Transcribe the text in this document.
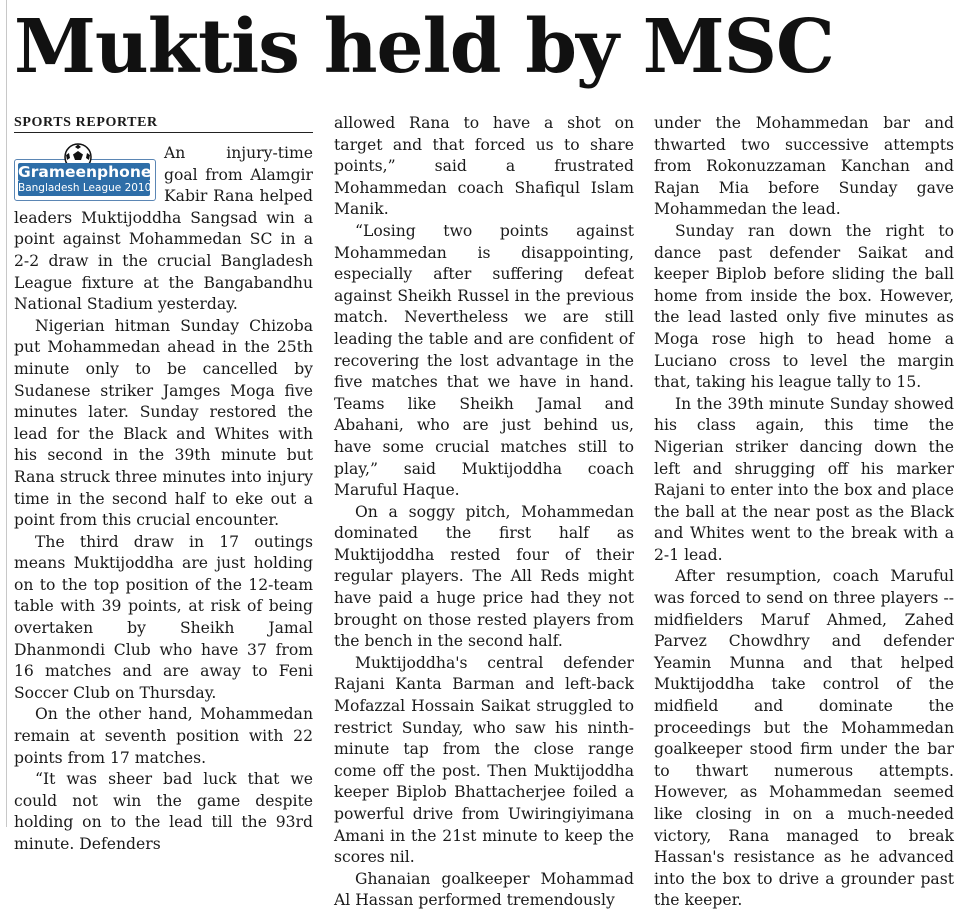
Muktis held by MSC
SPORTS REPORTER
Grameenphone
Bangladesh League 2010

An injury-time goal from Alamgir Kabir Rana helped leaders Muktijoddha Sangsad win a point against Mohammedan SC in a 2-2 draw in the crucial Bangladesh League fixture at the Bangabandhu National Stadium yesterday.

Nigerian hitman Sunday Chizoba put Mohammedan ahead in the 25th minute only to be cancelled by Sudanese striker Jamges Moga five minutes later. Sunday restored the lead for the Black and Whites with his second in the 39th minute but Rana struck three minutes into injury time in the second half to eke out a point from this crucial encounter.

The third draw in 17 outings means Muktijoddha are just holding on to the top position of the 12-team table with 39 points, at risk of being overtaken by Sheikh Jamal Dhanmondi Club who have 37 from 16 matches and are away to Feni Soccer Club on Thursday.

On the other hand, Mohammedan remain at seventh position with 22 points from 17 matches.

“It was sheer bad luck that we could not win the game despite holding on to the lead till the 93rd minute. Defenders

allowed Rana to have a shot on target and that forced us to share points,” said a frustrated Mohammedan coach Shafiqul Islam Manik.

“Losing two points against Mohammedan is disappointing, especially after suffering defeat against Sheikh Russel in the previous match. Nevertheless we are still leading the table and are confident of recovering the lost advantage in the five matches that we have in hand. Teams like Sheikh Jamal and Abahani, who are just behind us, have some crucial matches still to play,” said Muktijoddha coach Maruful Haque.

On a soggy pitch, Mohammedan dominated the first half as Muktijoddha rested four of their regular players. The All Reds might have paid a huge price had they not brought on those rested players from the bench in the second half.

Muktijoddha's central defender Rajani Kanta Barman and left-back Mofazzal Hossain Saikat struggled to restrict Sunday, who saw his ninth-minute tap from the close range come off the post. Then Muktijoddha keeper Biplob Bhattacherjee foiled a powerful drive from Uwiringiyimana Amani in the 21st minute to keep the scores nil.

Ghanaian goalkeeper Mohammad Al Hassan performed tremendously

under the Mohammedan bar and thwarted two successive attempts from Rokonuzzaman Kanchan and Rajan Mia before Sunday gave Mohammedan the lead.

Sunday ran down the right to dance past defender Saikat and keeper Biplob before sliding the ball home from inside the box. However, the lead lasted only five minutes as Moga rose high to head home a Luciano cross to level the margin that, taking his league tally to 15.

In the 39th minute Sunday showed his class again, this time the Nigerian striker dancing down the left and shrugging off his marker Rajani to enter into the box and place the ball at the near post as the Black and Whites went to the break with a 2-1 lead.

After resumption, coach Maruful was forced to send on three players -- midfielders Maruf Ahmed, Zahed Parvez Chowdhry and defender Yeamin Munna and that helped Muktijoddha take control of the midfield and dominate the proceedings but the Mohammedan goalkeeper stood firm under the bar to thwart numerous attempts. However, as Mohammedan seemed like closing in on a much-needed victory, Rana managed to break Hassan's resistance as he advanced into the box to drive a grounder past the keeper.
